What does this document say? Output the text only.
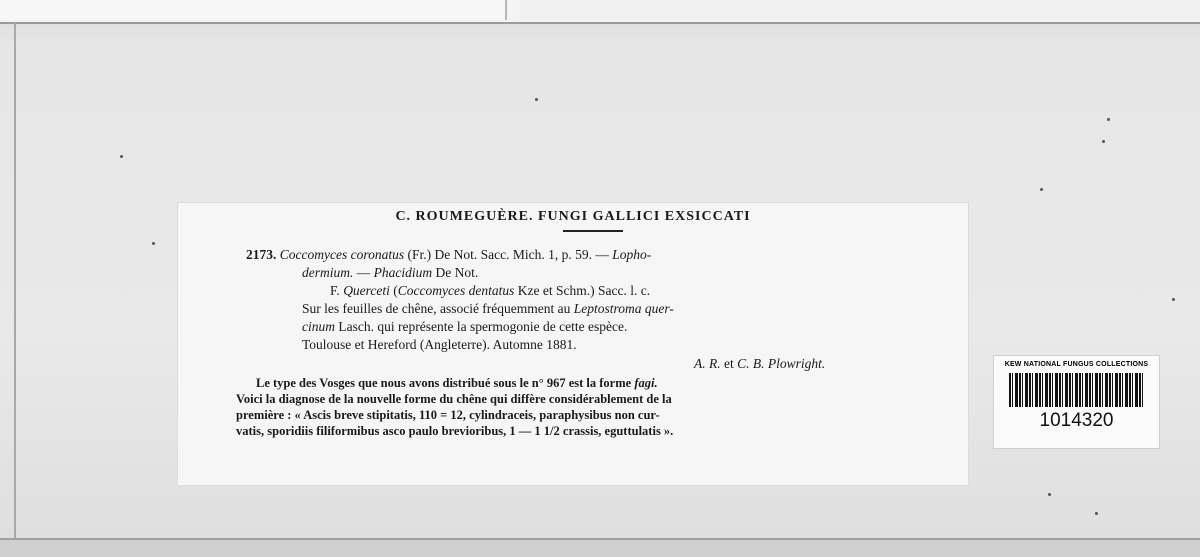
C. ROUMEGUÈRE. FUNGI GALLICI EXSICCATI
2173. Coccomyces coronatus (Fr.) De Not. Sacc. Mich. 1, p. 59. — Lopho-
dermium. — Phacidium De Not.
F. Querceti (Coccomyces dentatus Kze et Schm.) Sacc. l. c.
Sur les feuilles de chêne, associé fréquemment au Leptostroma quer-
cinum Lasch. qui représente la spermogonie de cette espèce.
Toulouse et Hereford (Angleterre). Automne 1881.
A. R. et C. B. Plowright.
Le type des Vosges que nous avons distribué sous le n° 967 est la forme fagi.
Voici la diagnose de la nouvelle forme du chêne qui diffère considérablement de la
première : « Ascis breve stipitatis, 110 = 12, cylindraceis, paraphysibus non cur-
vatis, sporidiis filiformibus asco paulo brevioribus, 1 — 1 1/2 crassis, eguttulatis ».
KEW NATIONAL FUNGUS COLLECTIONS
1014320
